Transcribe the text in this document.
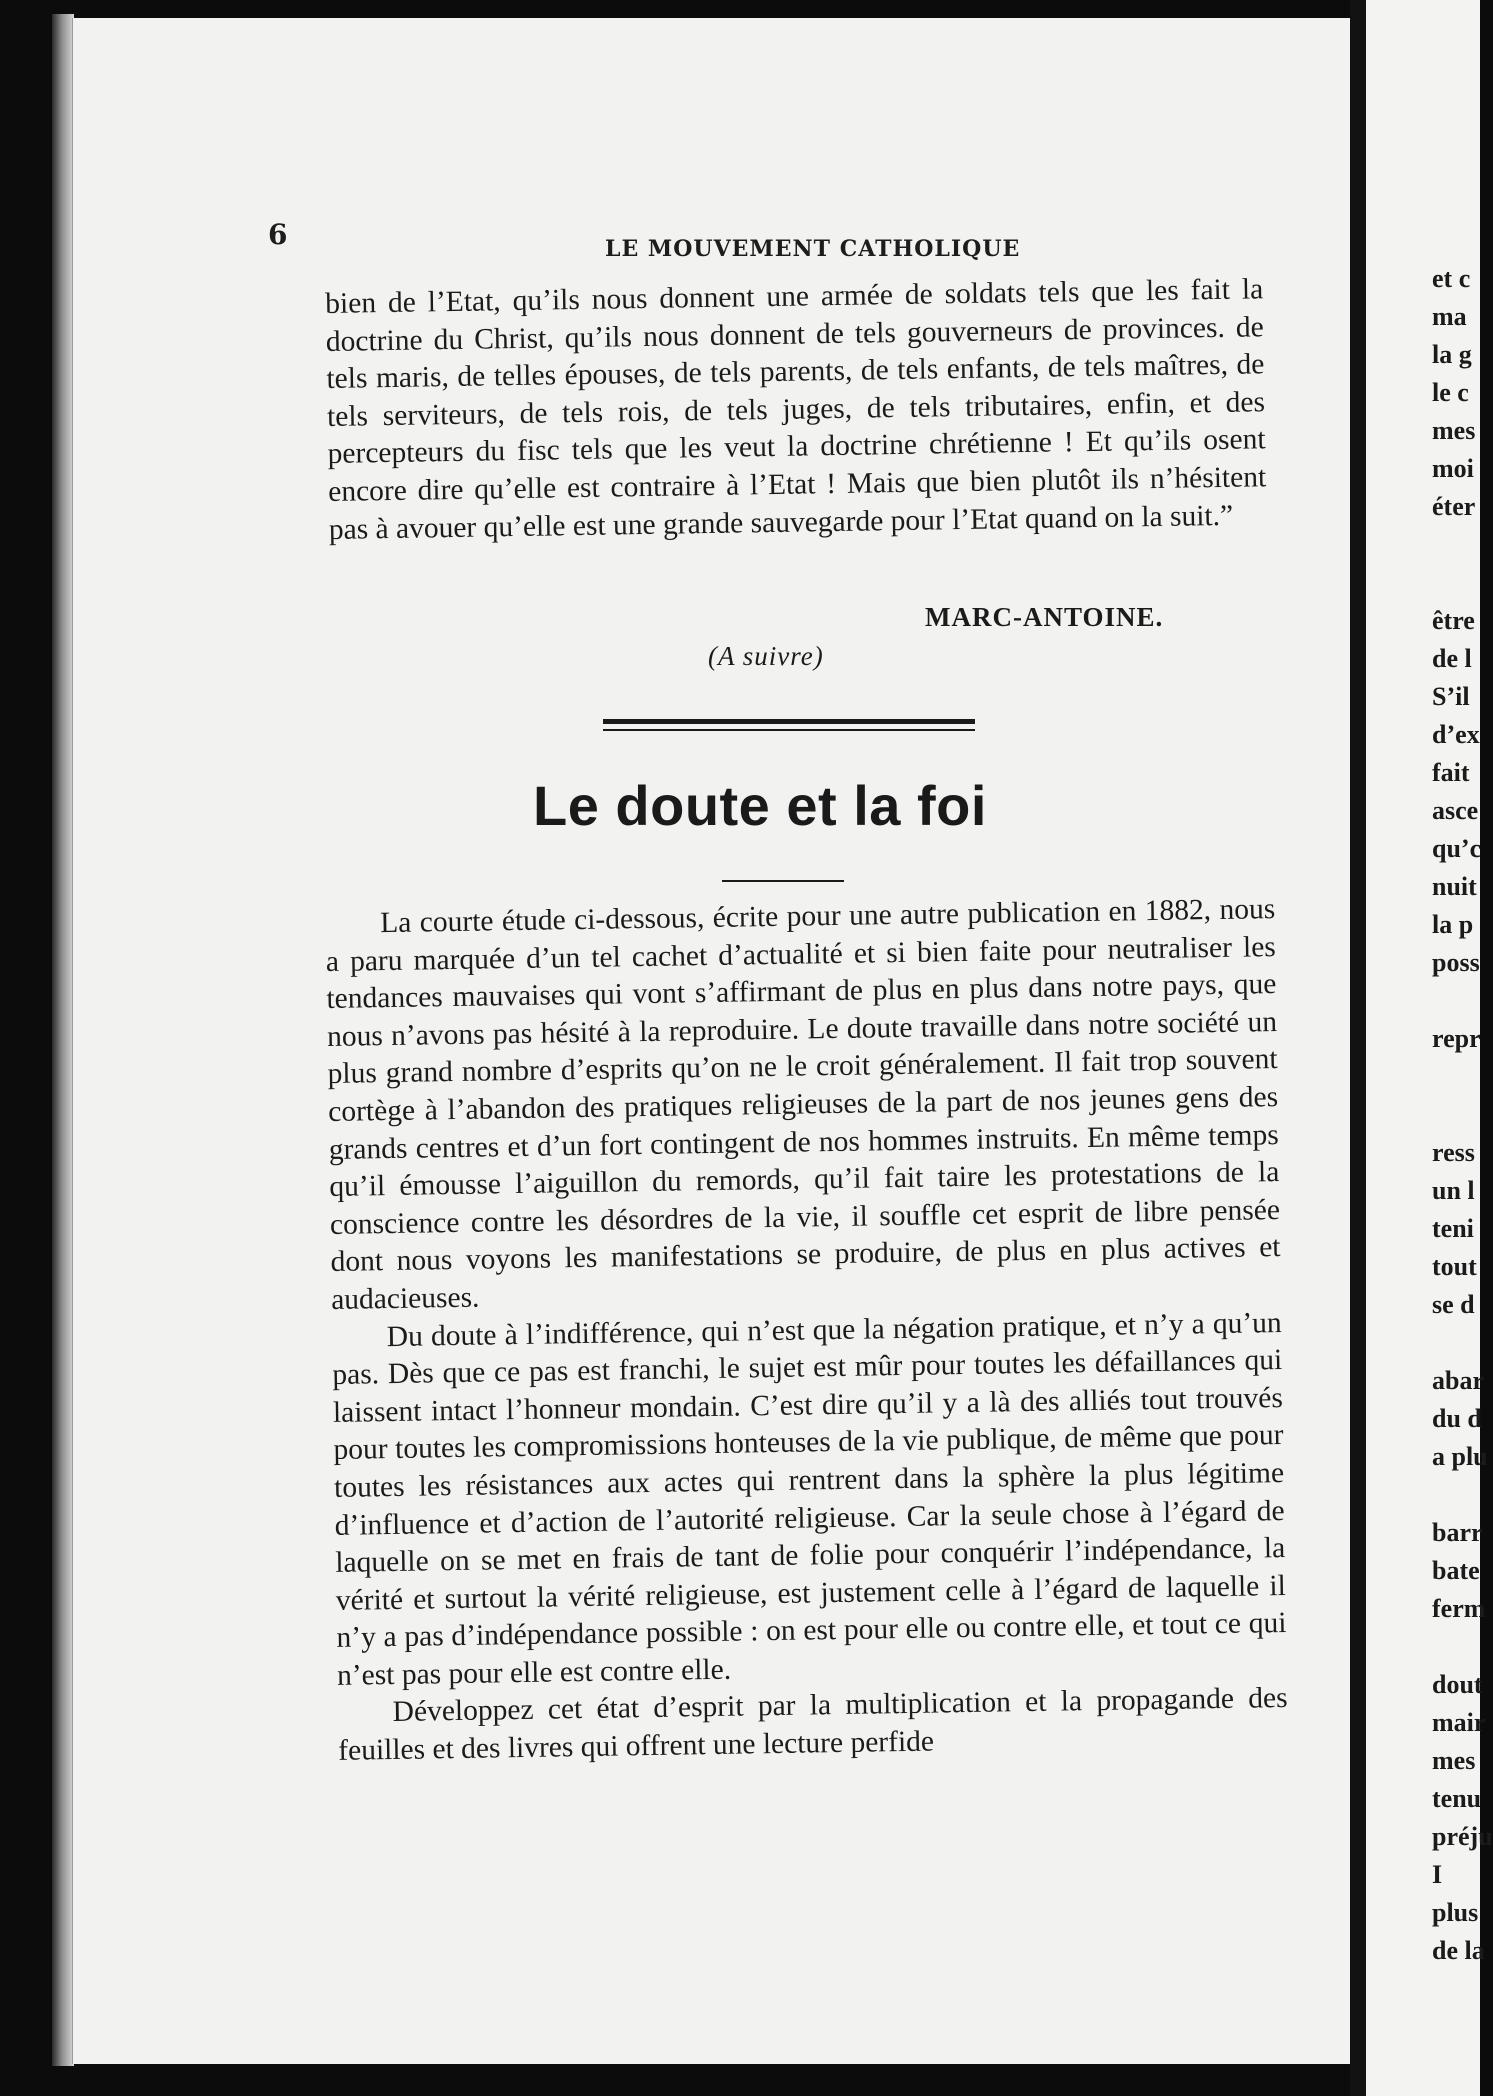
6	LE MOUVEMENT CATHOLIQUE

bien de l’Etat, qu’ils nous donnent une armée de soldats tels que les fait la doctrine du Christ, qu’ils nous donnent de tels gouverneurs de provinces. de tels maris, de telles épouses, de tels parents, de tels enfants, de tels maîtres, de tels serviteurs, de tels rois, de tels juges, de tels tributaires, enfin, et des percepteurs du fisc tels que les veut la doctrine chrétienne ! Et qu’ils osent encore dire qu’elle est contraire à l’Etat ! Mais que bien plutôt ils n’hésitent pas à avouer qu’elle est une grande sauvegarde pour l’Etat quand on la suit.”

MARC-ANTOINE.
(A suivre)
Le doute et la foi

La courte étude ci-dessous, écrite pour une autre publication en 1882, nous a paru marquée d’un tel cachet d’actualité et si bien faite pour neutraliser les tendances mauvaises qui vont s’affirmant de plus en plus dans notre pays, que nous n’avons pas hésité à la reproduire. Le doute travaille dans notre société un plus grand nombre d’esprits qu’on ne le croit généralement. Il fait trop souvent cortège à l’abandon des pratiques religieuses de la part de nos jeunes gens des grands centres et d’un fort contingent de nos hommes instruits. En même temps qu’il émousse l’aiguillon du remords, qu’il fait taire les protestations de la conscience contre les désordres de la vie, il souffle cet esprit de libre pensée dont nous voyons les manifestations se produire, de plus en plus actives et audacieuses.

Du doute à l’indifférence, qui n’est que la négation pratique, et n’y a qu’un pas. Dès que ce pas est franchi, le sujet est mûr pour toutes les défaillances qui laissent intact l’honneur mondain. C’est dire qu’il y a là des alliés tout trouvés pour toutes les compromissions honteuses de la vie publique, de même que pour toutes les résistances aux actes qui rentrent dans la sphère la plus légitime d’influence et d’action de l’autorité religieuse. Car la seule chose à l’égard de laquelle on se met en frais de tant de folie pour conquérir l’indépendance, la vérité et surtout la vérité religieuse, est justement celle à l’égard de laquelle il n’y a pas d’indépendance possible : on est pour elle ou contre elle, et tout ce qui n’est pas pour elle est contre elle.

Développez cet état d’esprit par la multiplication et la propagande des feuilles et des livres qui offrent une lecture perfide

et c
ma
la g
le c
mes
moi
éter
être
de l
S’il
d’ex
fait
asce
qu’c
nuit
la p
poss
repr
ress
un l
teni
tout
se d
abar
du d
a plu
barr
bate
ferm
dout
mair
mes
tenu
préju
I
plus
de la
